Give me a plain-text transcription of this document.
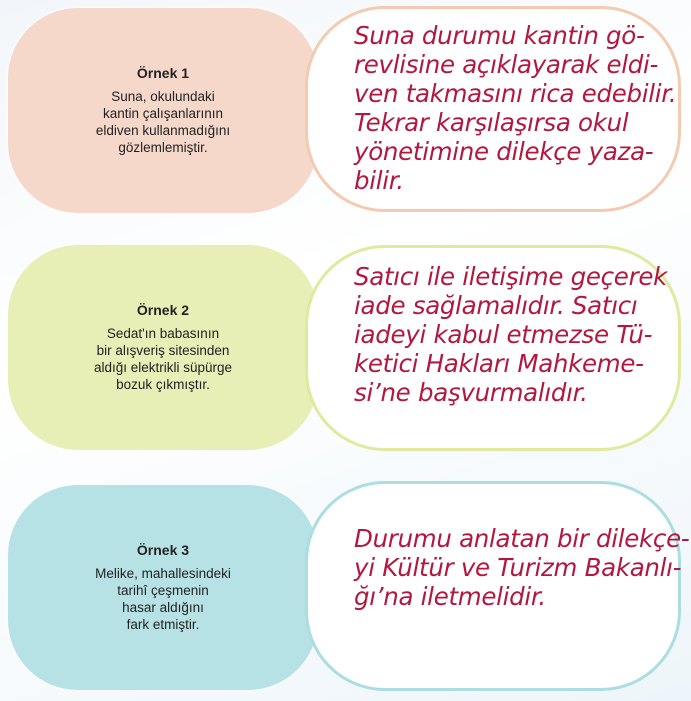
Örnek 1
Suna, okulundaki
kantin çalışanlarının
eldiven kullanmadığını
gözlemlemiştir.
Suna durumu kantin gö-
revlisine açıklayarak eldi-
ven takmasını rica edebilir.
Tekrar karşılaşırsa okul
yönetimine dilekçe yaza-
bilir.
Örnek 2
Sedat'ın babasının
bir alışveriş sitesinden
aldığı elektrikli süpürge
bozuk çıkmıştır.
Satıcı ile iletişime geçerek
iade sağlamalıdır. Satıcı
iadeyi kabul etmezse Tü-
ketici Hakları Mahkeme-
si’ne başvurmalıdır.
Örnek 3
Melike, mahallesindeki
tarihî çeşmenin
hasar aldığını
fark etmiştir.
Durumu anlatan bir dilekçe-
yi Kültür ve Turizm Bakanlı-
ğı’na iletmelidir.
